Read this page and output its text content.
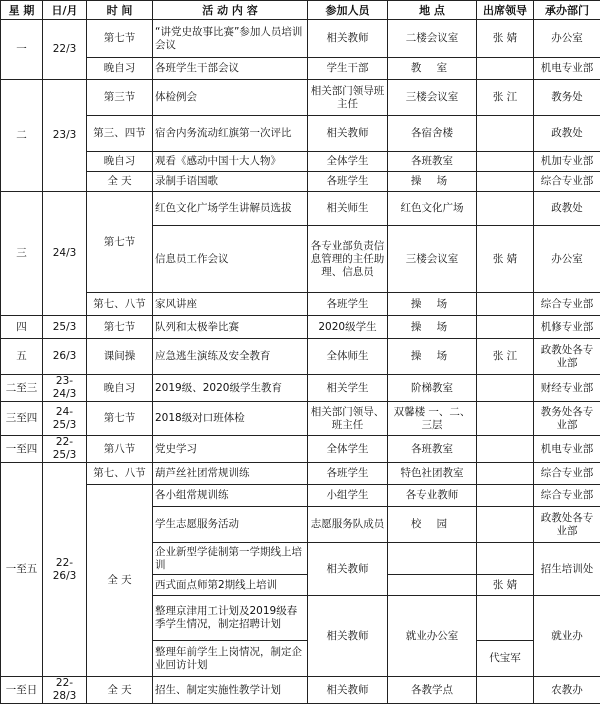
星 期	日/月	时 间	活 动 内 容	参加人员	地 点	出席领导	承办部门
一	22/3	第七节	“讲党史故事比赛”参加人员培训会议	相关教师	二楼会议室	张 婧	办公室
		晚自习	各班学生干部会议	学生干部	教 室		机电专业部
二	23/3	第三节	体检例会	相关部门领导班主任	三楼会议室	张 江	教务处
		第三、四节	宿舍内务流动红旗第一次评比	相关教师	各宿舍楼		政教处
		晚自习	观看《感动中国十大人物》	全体学生	各班教室		机加专业部
		全 天	录制手语国歌	各班学生	操 场		综合专业部
三	24/3	第七节	红色文化广场学生讲解员选拔	相关师生	红色文化广场		政教处
			信息员工作会议	各专业部负责信息管理的主任助理、信息员	三楼会议室	张 婧	办公室
		第七、八节	家风讲座	各班学生	操 场		综合专业部
四	25/3	第七节	队列和太极拳比赛	2020级学生	操 场		机修专业部
五	26/3	课间操	应急逃生演练及安全教育	全体师生	操 场	张 江	政教处各专业部
二至三	23-24/3	晚自习	2019级、2020级学生教育	相关学生	阶梯教室		财经专业部
三至四	24-25/3	第七节	2018级对口班体检	相关部门领导、班主任	双馨楼 一、二、三层		教务处各专业部
一至四	22-25/3	第八节	党史学习	全体学生	各班教室		机电专业部
一至五	22-26/3	第七、八节	葫芦丝社团常规训练	各班学生	特色社团教室		综合专业部
		全 天	各小组常规训练	小组学生	各专业教师		综合专业部
			学生志愿服务活动	志愿服务队成员	校 园		政教处各专业部
			企业新型学徒制第一学期线上培训	相关教师			招生培训处
			西式面点师第2期线上培训			张 婧	
			整理京津用工计划及2019级春季学生情况，制定招聘计划	相关教师	就业办公室		就业办
			整理年前学生上岗情况，制定企业回访计划			代宝军	
一至日	22-28/3	全 天	招生、制定实施性教学计划	相关教师	各教学点		农教办
